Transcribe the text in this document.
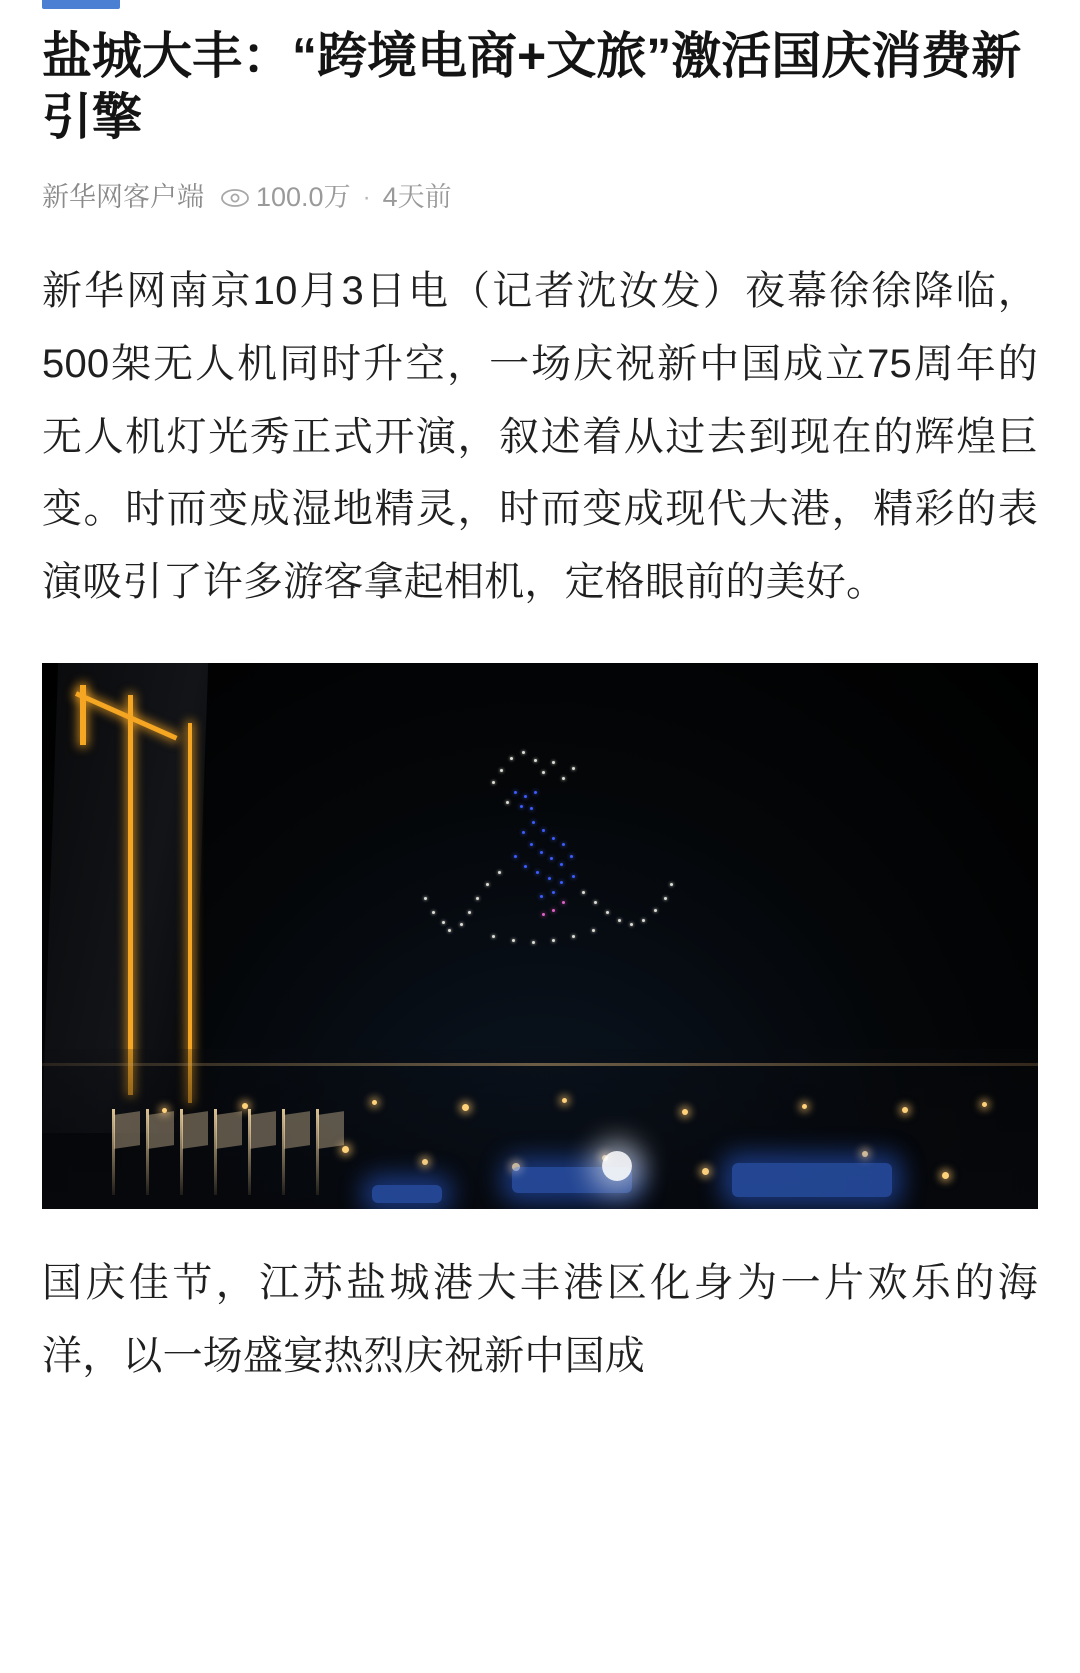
盐城大丰：“跨境电商+文旅”激活国庆消费新引擎
新华网客户端 100.0万 · 4天前

新华网南京10月3日电（记者沈汝发）夜幕徐徐降临，500架无人机同时升空，一场庆祝新中国成立75周年的无人机灯光秀正式开演，叙述着从过去到现在的辉煌巨变。时而变成湿地精灵，时而变成现代大港，精彩的表演吸引了许多游客拿起相机，定格眼前的美好。

国庆佳节，江苏盐城港大丰港区化身为一片欢乐的海洋，以一场盛宴热烈庆祝新中国成
